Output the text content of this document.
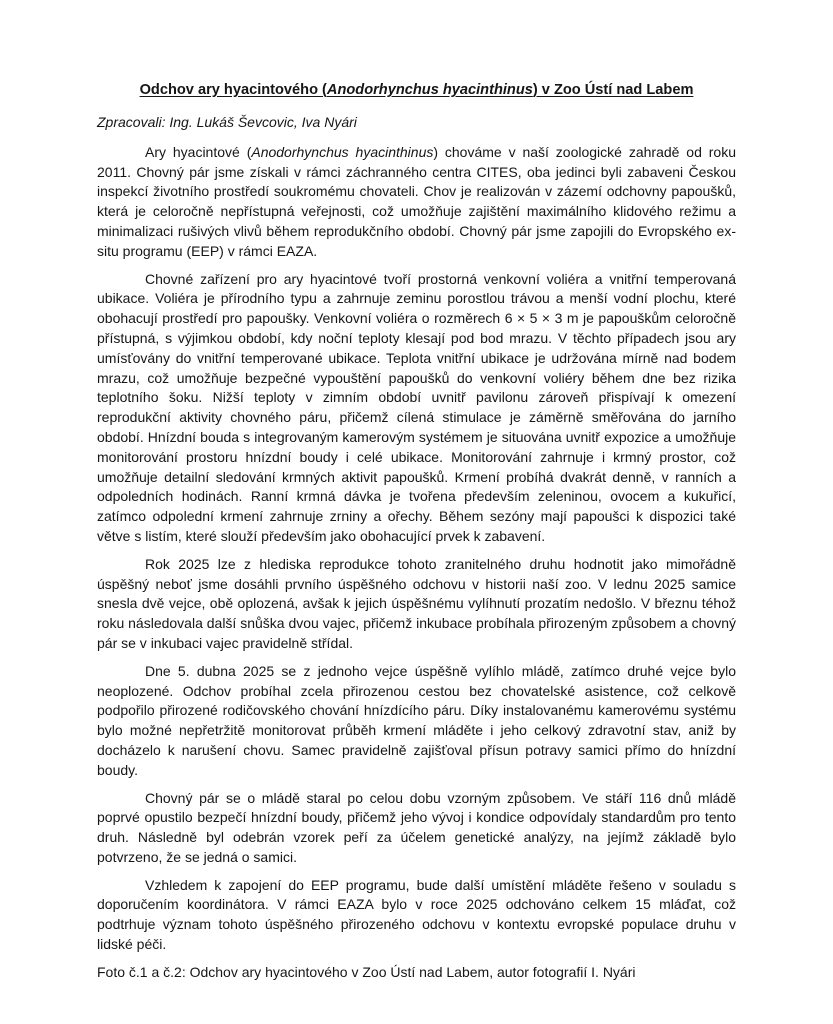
Odchov ary hyacintového (Anodorhynchus hyacinthinus) v Zoo Ústí nad Labem

Zpracovali: Ing. Lukáš Ševcovic, Iva Nyári

Ary hyacintové (Anodorhynchus hyacinthinus) chováme v naší zoologické zahradě od roku 2011. Chovný pár jsme získali v rámci záchranného centra CITES, oba jedinci byli zabaveni Českou inspekcí životního prostředí soukromému chovateli. Chov je realizován v zázemí odchovny papoušků, která je celoročně nepřístupná veřejnosti, což umožňuje zajištění maximálního klidového režimu a minimalizaci rušivých vlivů během reprodukčního období. Chovný pár jsme zapojili do Evropského ex-situ programu (EEP) v rámci EAZA.

Chovné zařízení pro ary hyacintové tvoří prostorná venkovní voliéra a vnitřní temperovaná ubikace. Voliéra je přírodního typu a zahrnuje zeminu porostlou trávou a menší vodní plochu, které obohacují prostředí pro papoušky. Venkovní voliéra o rozměrech 6 × 5 × 3 m je papouškům celoročně přístupná, s výjimkou období, kdy noční teploty klesají pod bod mrazu. V těchto případech jsou ary umísťovány do vnitřní temperované ubikace. Teplota vnitřní ubikace je udržována mírně nad bodem mrazu, což umožňuje bezpečné vypouštění papoušků do venkovní voliéry během dne bez rizika teplotního šoku. Nižší teploty v zimním období uvnitř pavilonu zároveň přispívají k omezení reprodukční aktivity chovného páru, přičemž cílená stimulace je záměrně směřována do jarního období. Hnízdní bouda s integrovaným kamerovým systémem je situována uvnitř expozice a umožňuje monitorování prostoru hnízdní boudy i celé ubikace. Monitorování zahrnuje i krmný prostor, což umožňuje detailní sledování krmných aktivit papoušků. Krmení probíhá dvakrát denně, v ranních a odpoledních hodinách. Ranní krmná dávka je tvořena především zeleninou, ovocem a kukuřicí, zatímco odpolední krmení zahrnuje zrniny a ořechy. Během sezóny mají papoušci k dispozici také větve s listím, které slouží především jako obohacující prvek k zabavení.

Rok 2025 lze z hlediska reprodukce tohoto zranitelného druhu hodnotit jako mimořádně úspěšný neboť jsme dosáhli prvního úspěšného odchovu v historii naší zoo. V lednu 2025 samice snesla dvě vejce, obě oplozená, avšak k jejich úspěšnému vylíhnutí prozatím nedošlo. V březnu téhož roku následovala další snůška dvou vajec, přičemž inkubace probíhala přirozeným způsobem a chovný pár se v inkubaci vajec pravidelně střídal.

Dne 5. dubna 2025 se z jednoho vejce úspěšně vylíhlo mládě, zatímco druhé vejce bylo neoplozené. Odchov probíhal zcela přirozenou cestou bez chovatelské asistence, což celkově podpořilo přirozené rodičovského chování hnízdícího páru. Díky instalovanému kamerovému systému bylo možné nepřetržitě monitorovat průběh krmení mláděte i jeho celkový zdravotní stav, aniž by docházelo k narušení chovu. Samec pravidelně zajišťoval přísun potravy samici přímo do hnízdní boudy.

Chovný pár se o mládě staral po celou dobu vzorným způsobem. Ve stáří 116 dnů mládě poprvé opustilo bezpečí hnízdní boudy, přičemž jeho vývoj i kondice odpovídaly standardům pro tento druh. Následně byl odebrán vzorek peří za účelem genetické analýzy, na jejímž základě bylo potvrzeno, že se jedná o samici.

Vzhledem k zapojení do EEP programu, bude další umístění mláděte řešeno v souladu s doporučením koordinátora. V rámci EAZA bylo v roce 2025 odchováno celkem 15 mláďat, což podtrhuje význam tohoto úspěšného přirozeného odchovu v kontextu evropské populace druhu v lidské péči.

Foto č.1 a č.2: Odchov ary hyacintového v Zoo Ústí nad Labem, autor fotografií I. Nyári
